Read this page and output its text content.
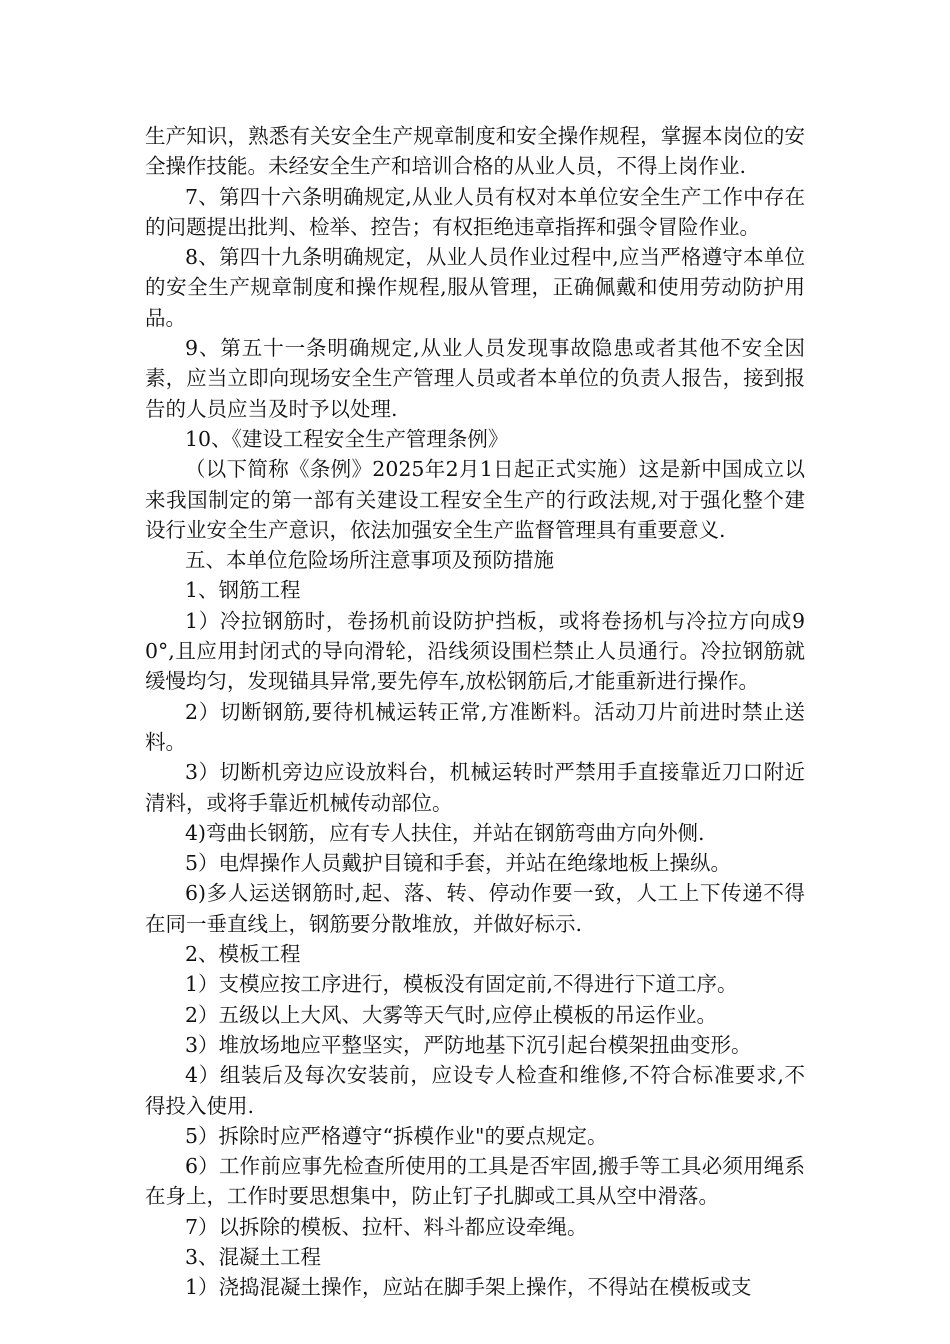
生产知识，熟悉有关安全生产规章制度和安全操作规程，掌握本岗位的安全操作技能。未经安全生产和培训合格的从业人员，不得上岗作业.

7、第四十六条明确规定,从业人员有权对本单位安全生产工作中存在的问题提出批判、检举、控告；有权拒绝违章指挥和强令冒险作业。

8、第四十九条明确规定，从业人员作业过程中,应当严格遵守本单位的安全生产规章制度和操作规程,服从管理，正确佩戴和使用劳动防护用品。

9、第五十一条明确规定,从业人员发现事故隐患或者其他不安全因素，应当立即向现场安全生产管理人员或者本单位的负责人报告，接到报告的人员应当及时予以处理.

10、《建设工程安全生产管理条例》

（以下简称《条例》2025年2月1日起正式实施）这是新中国成立以来我国制定的第一部有关建设工程安全生产的行政法规,对于强化整个建设行业安全生产意识，依法加强安全生产监督管理具有重要意义.

五、本单位危险场所注意事项及预防措施

1、钢筋工程

1）冷拉钢筋时，卷扬机前设防护挡板，或将卷扬机与冷拉方向成90°,且应用封闭式的导向滑轮，沿线须设围栏禁止人员通行。冷拉钢筋就缓慢均匀，发现锚具异常,要先停车,放松钢筋后,才能重新进行操作。

2）切断钢筋,要待机械运转正常,方准断料。活动刀片前进时禁止送料。

3）切断机旁边应设放料台，机械运转时严禁用手直接靠近刀口附近清料，或将手靠近机械传动部位。

4)弯曲长钢筋，应有专人扶住，并站在钢筋弯曲方向外侧.

5）电焊操作人员戴护目镜和手套，并站在绝缘地板上操纵。

6)多人运送钢筋时,起、落、转、停动作要一致，人工上下传递不得在同一垂直线上，钢筋要分散堆放，并做好标示.

2、模板工程

1）支模应按工序进行，模板没有固定前,不得进行下道工序。

2）五级以上大风、大雾等天气时,应停止模板的吊运作业。

3）堆放场地应平整坚实，严防地基下沉引起台模架扭曲变形。

4）组装后及每次安装前，应设专人检查和维修,不符合标准要求,不得投入使用.

5）拆除时应严格遵守“拆模作业"的要点规定。

6）工作前应事先检查所使用的工具是否牢固,搬手等工具必须用绳系在身上，工作时要思想集中，防止钉子扎脚或工具从空中滑落。

7）以拆除的模板、拉杆、料斗都应设牵绳。

3、混凝土工程

1）浇捣混凝土操作，应站在脚手架上操作，不得站在模板或支
